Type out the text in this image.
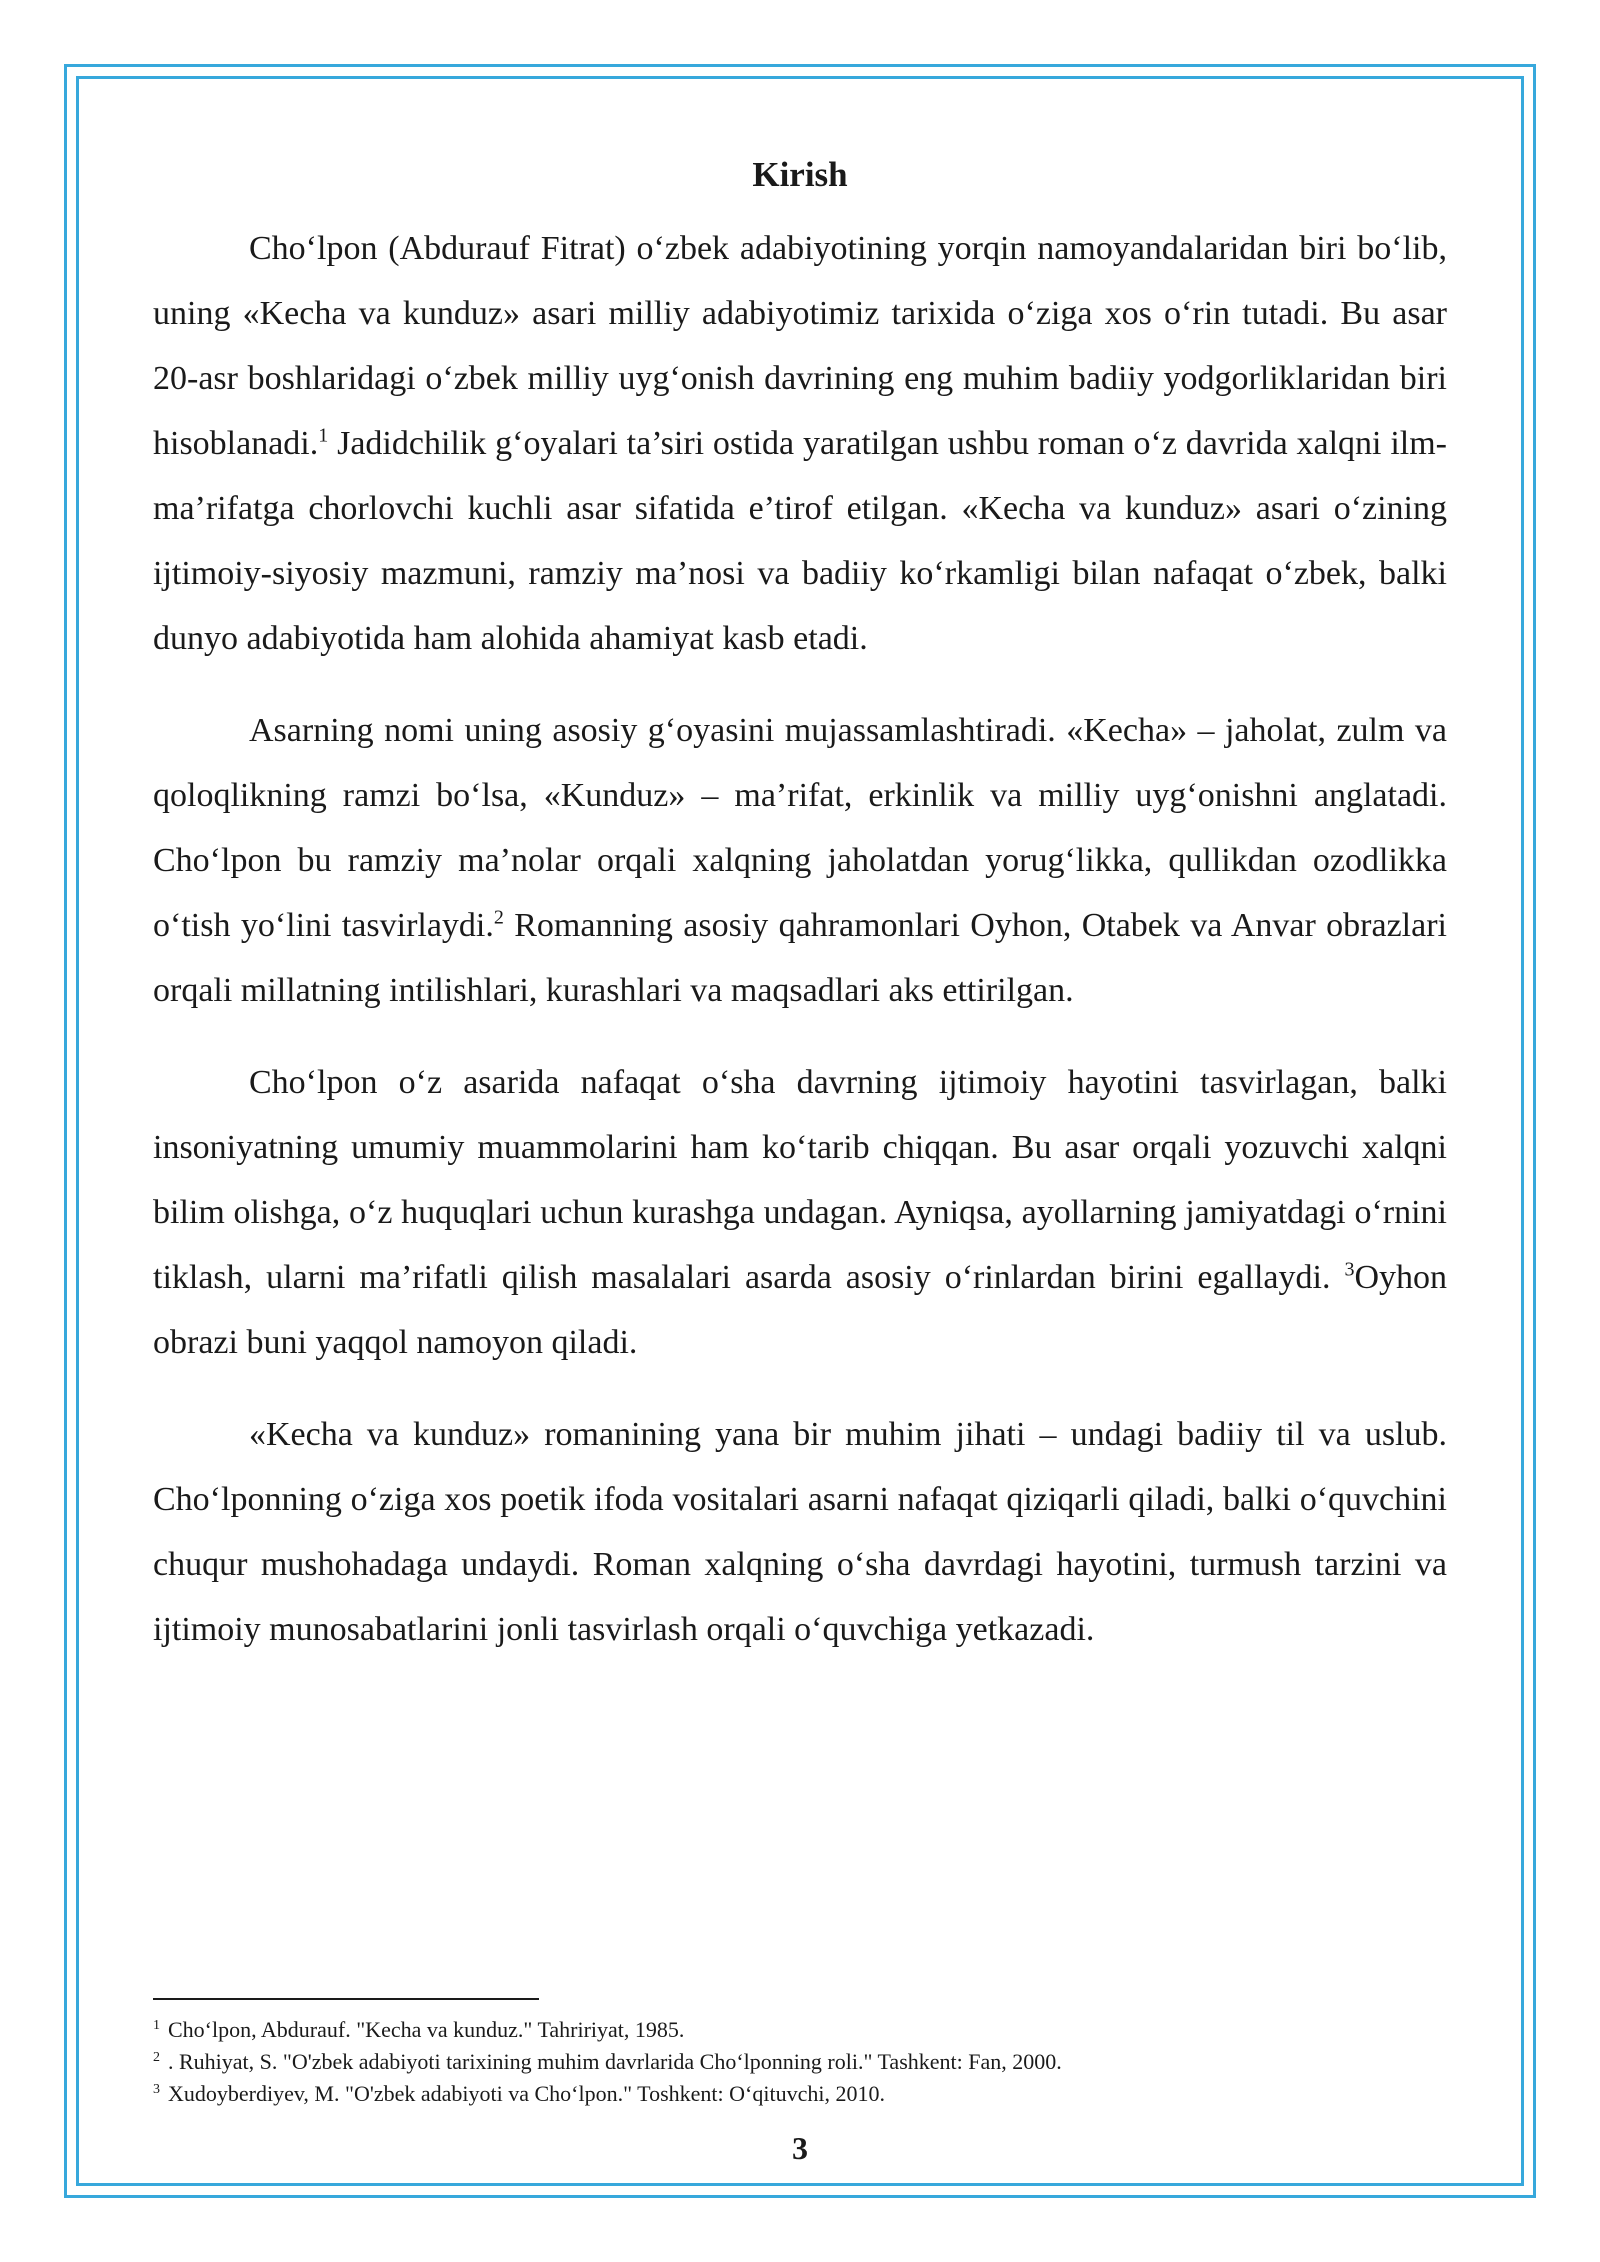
Kirish

Cho‘lpon (Abdurauf Fitrat) o‘zbek adabiyotining yorqin namoyandalaridan biri bo‘lib, uning «Kecha va kunduz» asari milliy adabiyotimiz tarixida o‘ziga xos o‘rin tutadi. Bu asar 20-asr boshlaridagi o‘zbek milliy uyg‘onish davrining eng muhim badiiy yodgorliklaridan biri hisoblanadi.$^1$ Jadidchilik g‘oyalari ta’siri ostida yaratilgan ushbu roman o‘z davrida xalqni ilm-ma’rifatga chorlovchi kuchli asar sifatida e’tirof etilgan. «Kecha va kunduz» asari o‘zining ijtimoiy-siyosiy mazmuni, ramziy ma’nosi va badiiy ko‘rkamligi bilan nafaqat o‘zbek, balki dunyo adabiyotida ham alohida ahamiyat kasb etadi.

Asarning nomi uning asosiy g‘oyasini mujassamlashtiradi. «Kecha» – jaholat, zulm va qoloqlikning ramzi bo‘lsa, «Kunduz» – ma’rifat, erkinlik va milliy uyg‘onishni anglatadi. Cho‘lpon bu ramziy ma’nolar orqali xalqning jaholatdan yorug‘likka, qullikdan ozodlikka o‘tish yo‘lini tasvirlaydi.$^2$ Romanning asosiy qahramonlari Oyhon, Otabek va Anvar obrazlari orqali millatning intilishlari, kurashlari va maqsadlari aks ettirilgan.

Cho‘lpon o‘z asarida nafaqat o‘sha davrning ijtimoiy hayotini tasvirlagan, balki insoniyatning umumiy muammolarini ham ko‘tarib chiqqan. Bu asar orqali yozuvchi xalqni bilim olishga, o‘z huquqlari uchun kurashga undagan. Ayniqsa, ayollarning jamiyatdagi o‘rnini tiklash, ularni ma’rifatli qilish masalalari asarda asosiy o‘rinlardan birini egallaydi. $^3$Oyhon obrazi buni yaqqol namoyon qiladi.

«Kecha va kunduz» romanining yana bir muhim jihati – undagi badiiy til va uslub. Cho‘lponning o‘ziga xos poetik ifoda vositalari asarni nafaqat qiziqarli qiladi, balki o‘quvchini chuqur mushohadaga undaydi. Roman xalqning o‘sha davrdagi hayotini, turmush tarzini va ijtimoiy munosabatlarini jonli tasvirlash orqali o‘quvchiga yetkazadi.

$^1$ Cho‘lpon, Abdurauf. "Kecha va kunduz." Tahririyat, 1985.
$^2$ . Ruhiyat, S. "O'zbek adabiyoti tarixining muhim davrlarida Cho‘lponning roli." Tashkent: Fan, 2000.
$^3$ Xudoyberdiyev, M. "O'zbek adabiyoti va Cho‘lpon." Toshkent: O‘qituvchi, 2010.
3
